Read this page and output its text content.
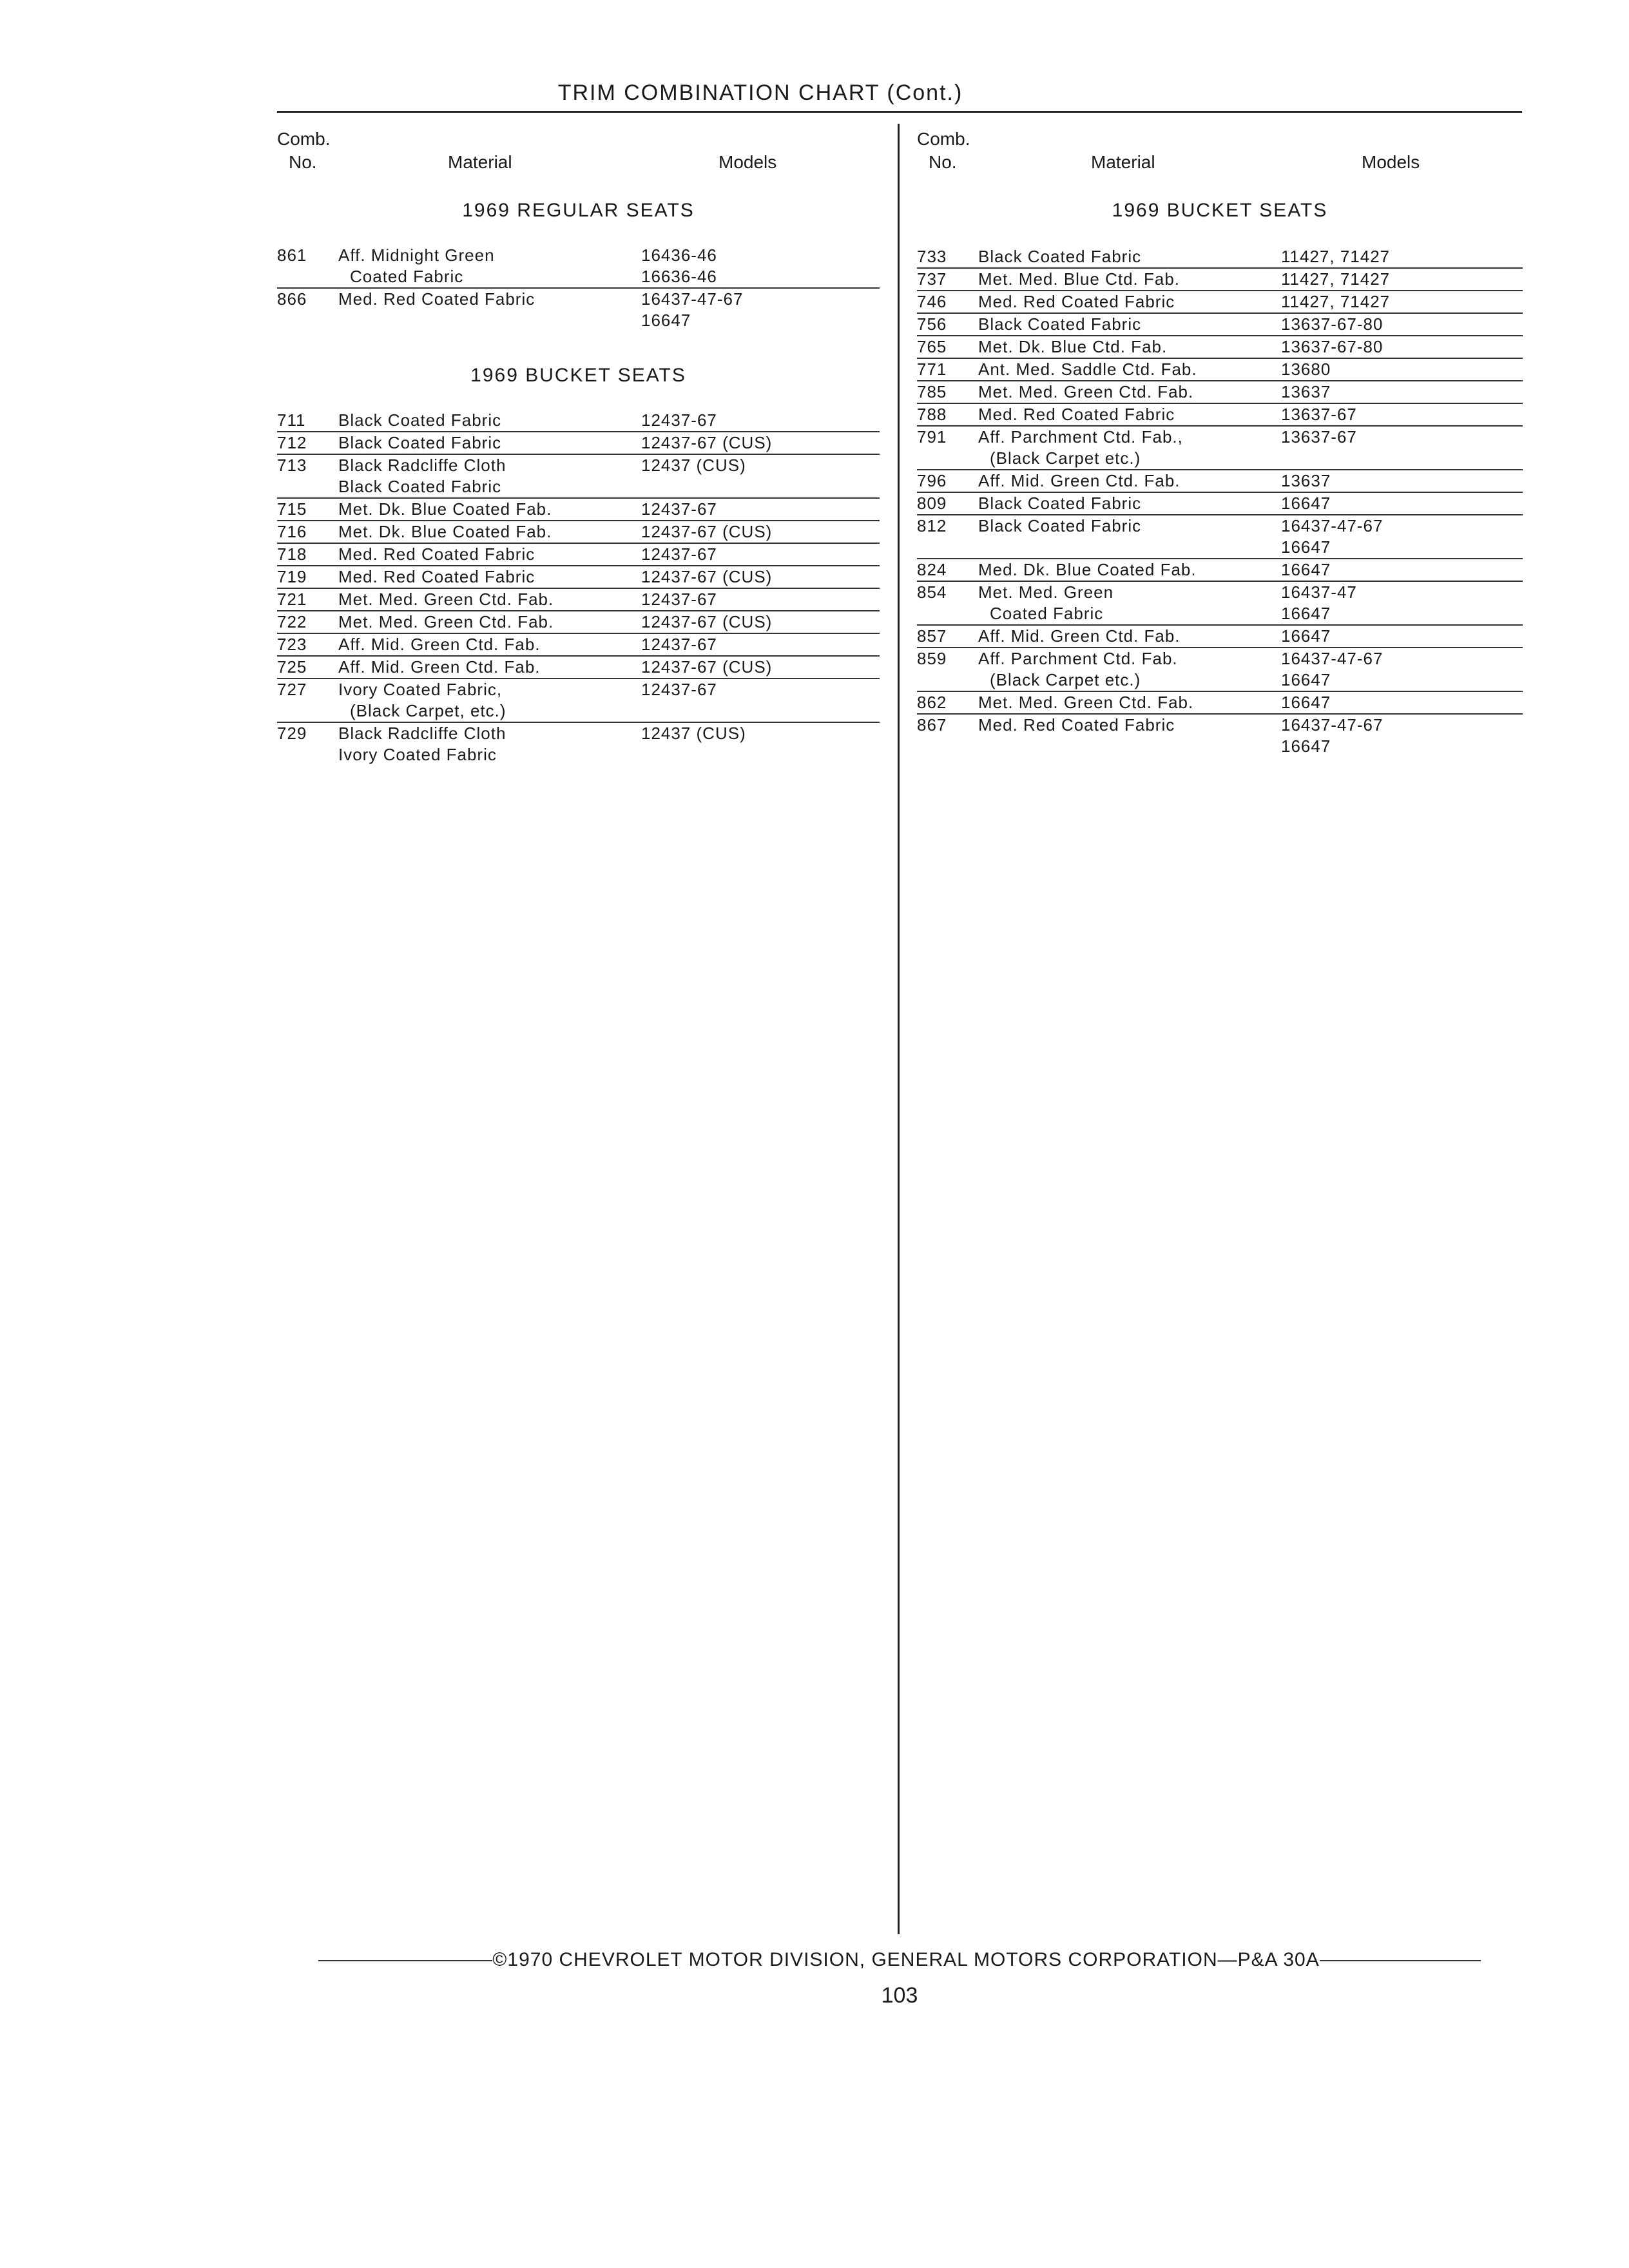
TRIM COMBINATION CHART (Cont.)
Comb.
No.	Material	Models
1969 REGULAR SEATS
861	Aff. Midnight Green	16436-46
Coated Fabric	16636-46
866	Med. Red Coated Fabric	16437-47-67
16647
1969 BUCKET SEATS
711	Black Coated Fabric	12437-67
712	Black Coated Fabric	12437-67 (CUS)
713	Black Radcliffe Cloth	12437 (CUS)
Black Coated Fabric
715	Met. Dk. Blue Coated Fab.	12437-67
716	Met. Dk. Blue Coated Fab.	12437-67 (CUS)
718	Med. Red Coated Fabric	12437-67
719	Med. Red Coated Fabric	12437-67 (CUS)
721	Met. Med. Green Ctd. Fab.	12437-67
722	Met. Med. Green Ctd. Fab.	12437-67 (CUS)
723	Aff. Mid. Green Ctd. Fab.	12437-67
725	Aff. Mid. Green Ctd. Fab.	12437-67 (CUS)
727	Ivory Coated Fabric,	12437-67
(Black Carpet, etc.)
729	Black Radcliffe Cloth	12437 (CUS)
Ivory Coated Fabric
Comb.
No.	Material	Models
1969 BUCKET SEATS
733	Black Coated Fabric	11427, 71427
737	Met. Med. Blue Ctd. Fab.	11427, 71427
746	Med. Red Coated Fabric	11427, 71427
756	Black Coated Fabric	13637-67-80
765	Met. Dk. Blue Ctd. Fab.	13637-67-80
771	Ant. Med. Saddle Ctd. Fab.	13680
785	Met. Med. Green Ctd. Fab.	13637
788	Med. Red Coated Fabric	13637-67
791	Aff. Parchment Ctd. Fab.,	13637-67
(Black Carpet etc.)
796	Aff. Mid. Green Ctd. Fab.	13637
809	Black Coated Fabric	16647
812	Black Coated Fabric	16437-47-67
16647
824	Med. Dk. Blue Coated Fab.	16647
854	Met. Med. Green	16437-47
Coated Fabric	16647
857	Aff. Mid. Green Ctd. Fab.	16647
859	Aff. Parchment Ctd. Fab.	16437-47-67
(Black Carpet etc.)	16647
862	Met. Med. Green Ctd. Fab.	16647
867	Med. Red Coated Fabric	16437-47-67
16647
©1970 CHEVROLET MOTOR DIVISION, GENERAL MOTORS CORPORATION—P&A 30A
103
